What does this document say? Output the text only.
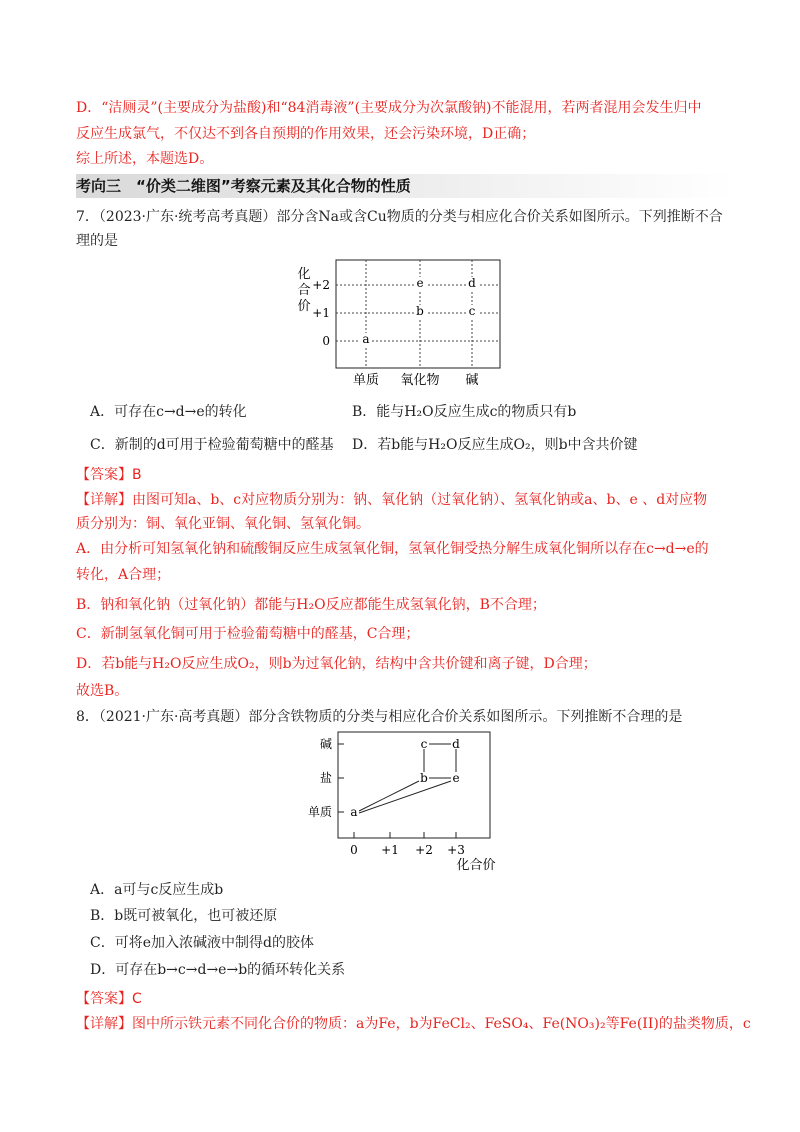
D．“洁厕灵”(主要成分为盐酸)和“84消毒液”(主要成分为次氯酸钠)不能混用，若两者混用会发生归中
反应生成氯气，不仅达不到各自预期的作用效果，还会污染环境，D正确；
综上所述，本题选D。
考向三　“价类二维图”考察元素及其化合物的性质
7．（2023·广东·统考高考真题）部分含Na或含Cu物质的分类与相应化合价关系如图所示。下列推断不合
理的是
化
合
价
+2
+1
0	a
e
b
d
c
单质 氧化物 碱
A．可存在c→d→e的转化	B．能与H₂O反应生成c的物质只有b
C．新制的d可用于检验葡萄糖中的醛基 D．若b能与H₂O反应生成O₂，则b中含共价键
【答案】B
【详解】由图可知a、b、c对应物质分别为：钠、氧化钠（过氧化钠）、氢氧化钠或a、b、e 、d对应物
质分别为：铜、氧化亚铜、氧化铜、氢氧化铜。
A．由分析可知氢氧化钠和硫酸铜反应生成氢氧化铜，氢氧化铜受热分解生成氧化铜所以存在c→d→e的
转化，A合理；
B．钠和氧化钠（过氧化钠）都能与H₂O反应都能生成氢氧化钠，B不合理；
C．新制氢氧化铜可用于检验葡萄糖中的醛基，C合理；
D．若b能与H₂O反应生成O₂，则b为过氧化钠，结构中含共价键和离子键，D合理；
故选B。
8．（2021·广东·高考真题）部分含铁物质的分类与相应化合价关系如图所示。下列推断不合理的是
碱
盐
单质 a
b e
c d
0 +1 +2 +3
化合价
A．a可与c反应生成b
B．b既可被氧化，也可被还原
C．可将e加入浓碱液中制得d的胶体
D．可存在b→c→d→e→b的循环转化关系
【答案】C
【详解】图中所示铁元素不同化合价的物质：a为Fe，b为FeCl₂、FeSO₄、Fe(NO₃)₂等Fe(II)的盐类物质，c
